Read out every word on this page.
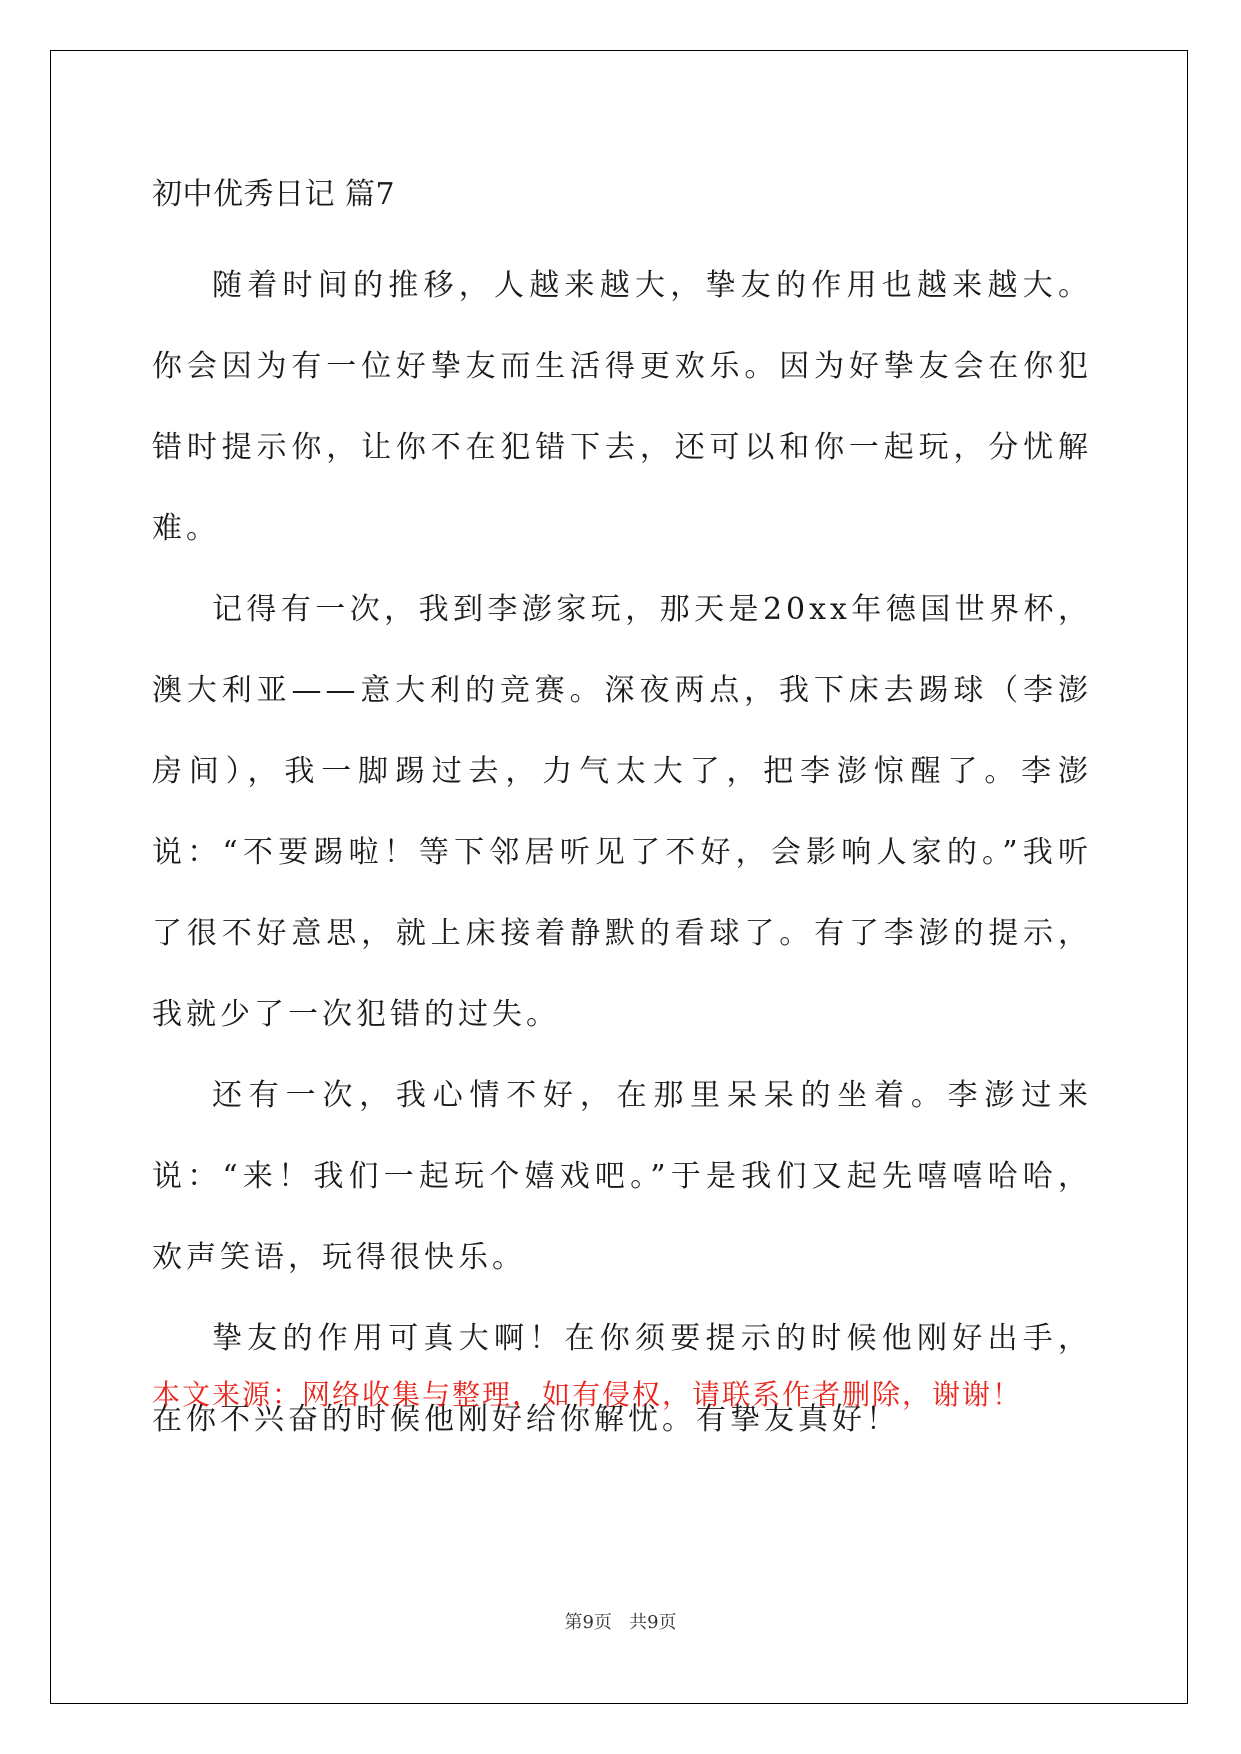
初中优秀日记 篇7

随着时间的推移，人越来越大，挚友的作用也越来越大。你会因为有一位好挚友而生活得更欢乐。因为好挚友会在你犯错时提示你，让你不在犯错下去，还可以和你一起玩，分忧解难。

记得有一次，我到李澎家玩，那天是20xx年德国世界杯，澳大利亚——意大利的竞赛。深夜两点，我下床去踢球（李澎房间），我一脚踢过去，力气太大了，把李澎惊醒了。李澎说：“不要踢啦！等下邻居听见了不好，会影响人家的。”我听了很不好意思，就上床接着静默的看球了。有了李澎的提示，我就少了一次犯错的过失。

还有一次，我心情不好，在那里呆呆的坐着。李澎过来说：“来！我们一起玩个嬉戏吧。”于是我们又起先嘻嘻哈哈，欢声笑语，玩得很快乐。

挚友的作用可真大啊！在你须要提示的时候他刚好出手，在你不兴奋的时候他刚好给你解忧。有挚友真好！

本文来源：网络收集与整理，如有侵权，请联系作者删除，谢谢！
第9页 共9页
